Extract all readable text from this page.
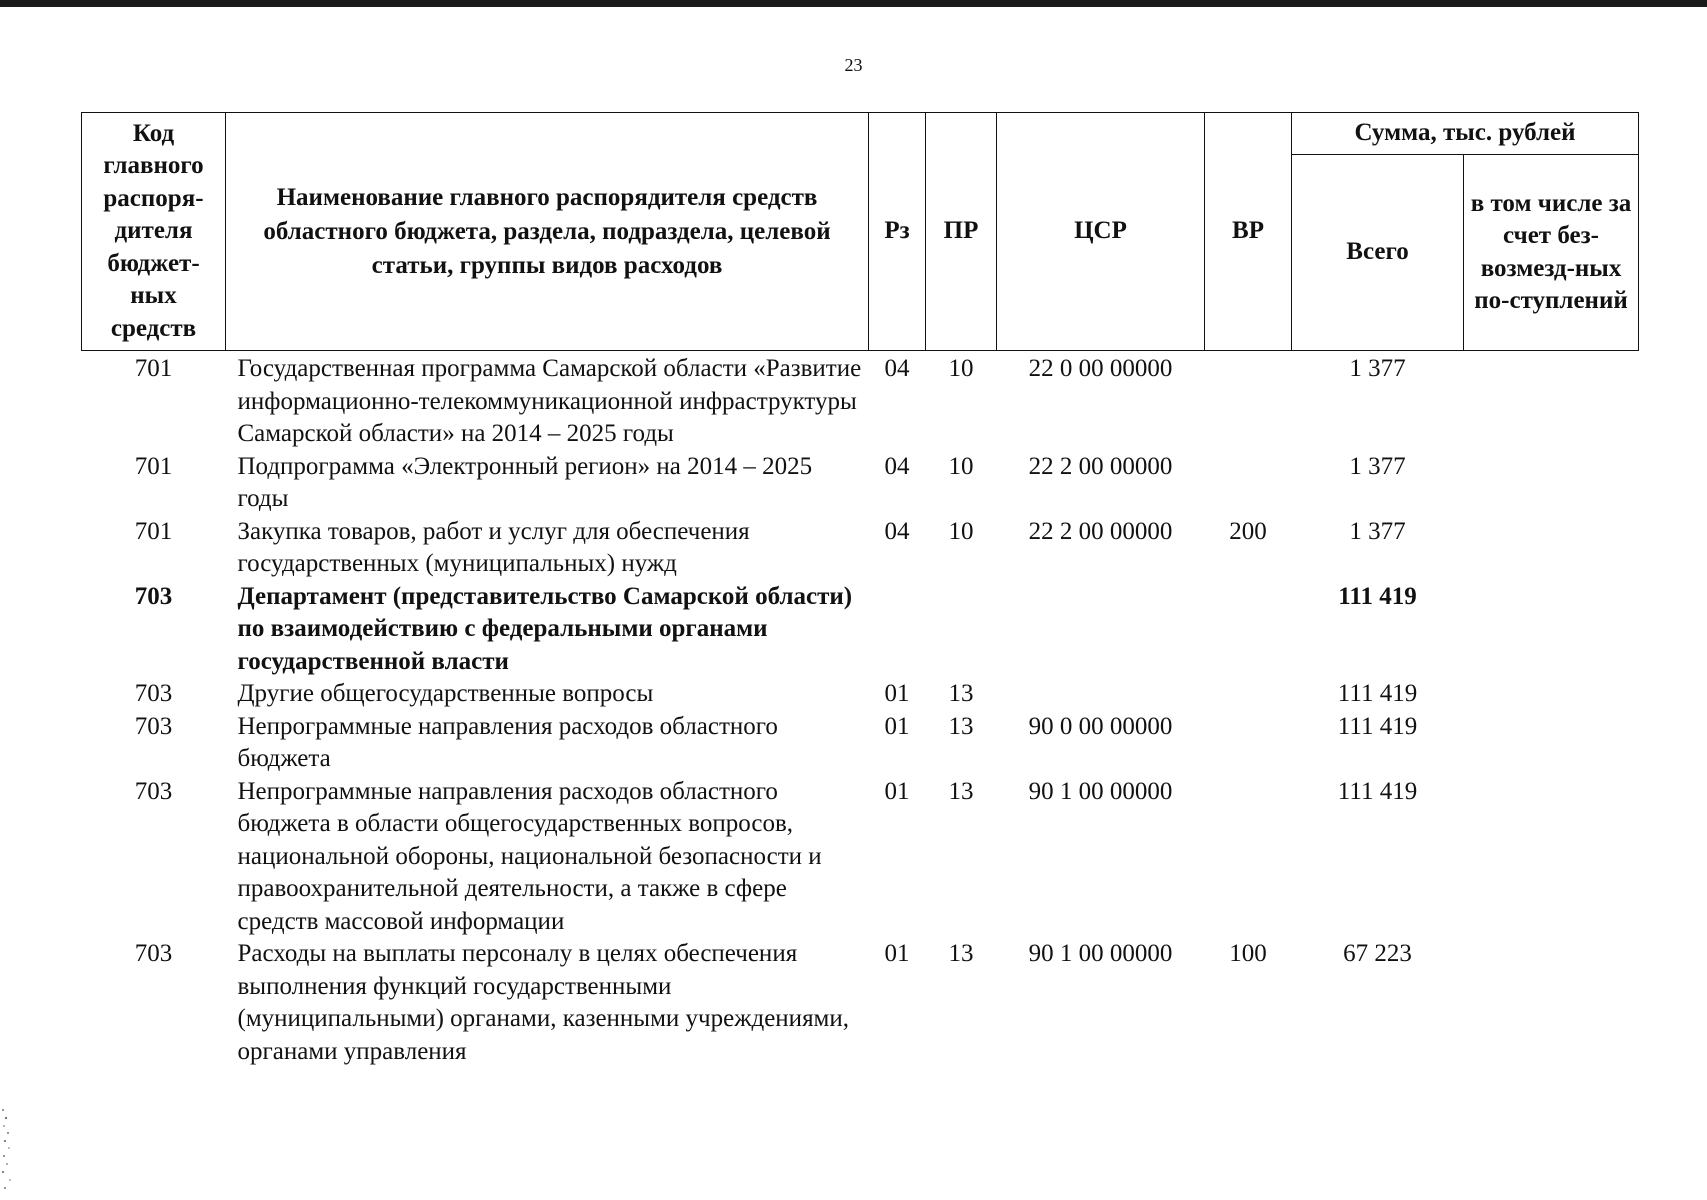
23
Код главного распоря-дителя бюджет-ных средств	Наименование главного распорядителя средств областного бюджета, раздела, подраздела, целевой статьи, группы видов расходов	Рз	ПР	ЦСР	ВР	Сумма, тыс. рублей	
						Всего	в том числе за счет без-возмезд-ных по-ступлений
701	Государственная программа Самарской области «Развитие информационно-телекоммуникационной инфраструктуры Самарской области» на 2014 – 2025 годы	04	10	22 0 00 00000		1 377	
701	Подпрограмма «Электронный регион» на 2014 – 2025 годы	04	10	22 2 00 00000		1 377	
701	Закупка товаров, работ и услуг для обеспечения государственных (муниципальных) нужд	04	10	22 2 00 00000	200	1 377	
703	Департамент (представительство Самарской области) по взаимодействию с федеральными органами государственной власти					111 419	
703	Другие общегосударственные вопросы	01	13			111 419	
703	Непрограммные направления расходов областного бюджета	01	13	90 0 00 00000		111 419	
703	Непрограммные направления расходов областного бюджета в области общегосударственных вопросов, национальной обороны, национальной безопасности и правоохранительной деятельности, а также в сфере средств массовой информации	01	13	90 1 00 00000		111 419	
703	Расходы на выплаты персоналу в целях обеспечения выполнения функций государственными (муниципальными) органами, казенными учреждениями, органами управления	01	13	90 1 00 00000	100	67 223	
